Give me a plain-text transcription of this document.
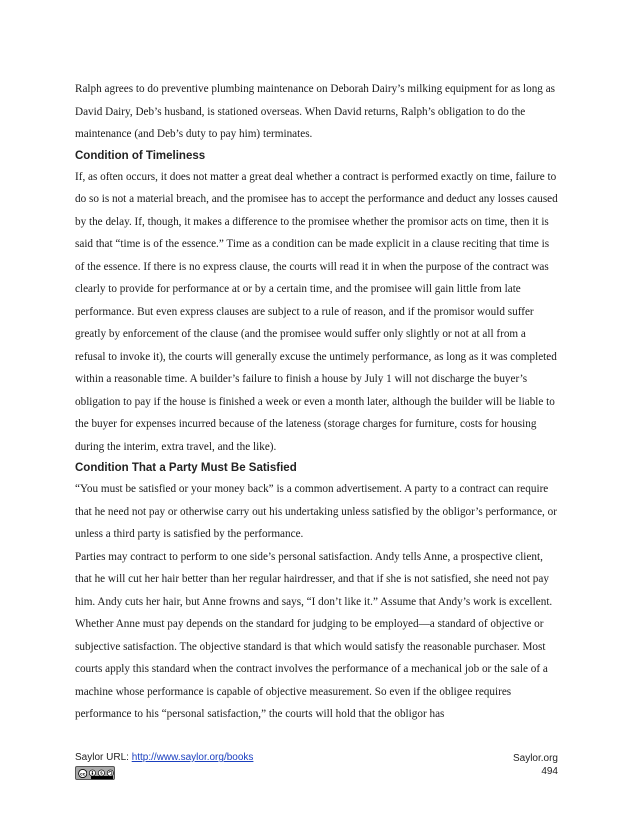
Ralph agrees to do preventive plumbing maintenance on Deborah Dairy’s milking equipment for as long as David Dairy, Deb’s husband, is stationed overseas. When David returns, Ralph’s obligation to do the maintenance (and Deb’s duty to pay him) terminates.

Condition of Timeliness

If, as often occurs, it does not matter a great deal whether a contract is performed exactly on time, failure to do so is not a material breach, and the promisee has to accept the performance and deduct any losses caused by the delay. If, though, it makes a difference to the promisee whether the promisor acts on time, then it is said that “time is of the essence.” Time as a condition can be made explicit in a clause reciting that time is of the essence. If there is no express clause, the courts will read it in when the purpose of the contract was clearly to provide for performance at or by a certain time, and the promisee will gain little from late performance. But even express clauses are subject to a rule of reason, and if the promisor would suffer greatly by enforcement of the clause (and the promisee would suffer only slightly or not at all from a refusal to invoke it), the courts will generally excuse the untimely performance, as long as it was completed within a reasonable time. A builder’s failure to finish a house by July 1 will not discharge the buyer’s obligation to pay if the house is finished a week or even a month later, although the builder will be liable to the buyer for expenses incurred because of the lateness (storage charges for furniture, costs for housing during the interim, extra travel, and the like).

Condition That a Party Must Be Satisfied

“You must be satisfied or your money back” is a common advertisement. A party to a contract can require that he need not pay or otherwise carry out his undertaking unless satisfied by the obligor’s performance, or unless a third party is satisfied by the performance.

Parties may contract to perform to one side’s personal satisfaction. Andy tells Anne, a prospective client, that he will cut her hair better than her regular hairdresser, and that if she is not satisfied, she need not pay him. Andy cuts her hair, but Anne frowns and says, “I don’t like it.” Assume that Andy’s work is excellent. Whether Anne must pay depends on the standard for judging to be employed—a standard of objective or subjective satisfaction. The objective standard is that which would satisfy the reasonable purchaser. Most courts apply this standard when the contract involves the performance of a mechanical job or the sale of a machine whose performance is capable of objective measurement. So even if the obligee requires performance to his “personal satisfaction,” the courts will hold that the obligor has

Saylor URL: http://www.saylor.org/books
cc	$
Saylor.org
494
